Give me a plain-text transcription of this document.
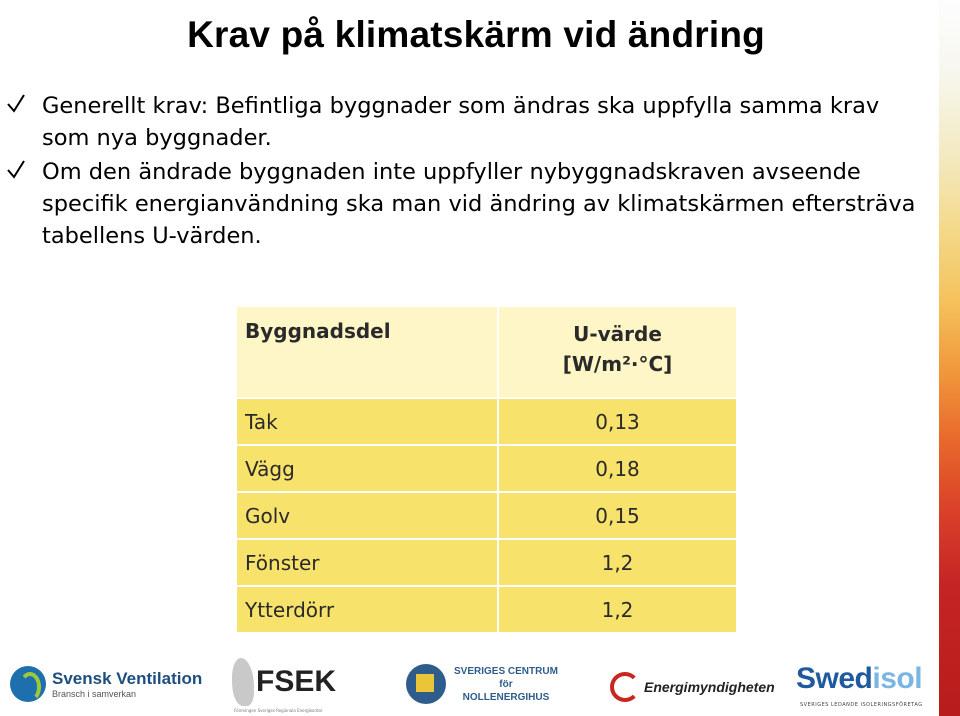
Krav på klimatskärm vid ändring
Generellt krav: Befintliga byggnader som ändras ska uppfylla samma krav som nya byggnader.
Om den ändrade byggnaden inte uppfyller nybyggnadskraven avseende specifik energianvändning ska man vid ändring av klimatskärmen eftersträva tabellens U-värden.
Byggnadsdel	U-värde
[W/m²·°C]

Tak	0,13
Vägg	0,18
Golv	0,15
Fönster	1,2
Ytterdörr	1,2
Svensk Ventilation
Bransch i samverkan	FSEK
Föreningen Sveriges Regionala Energikontor
SVERIGES CENTRUM
för
NOLLENERGIHUS
Energimyndigheten Swedisol
SVERIGES LEDANDE ISOLERINGSFÖRETAG
